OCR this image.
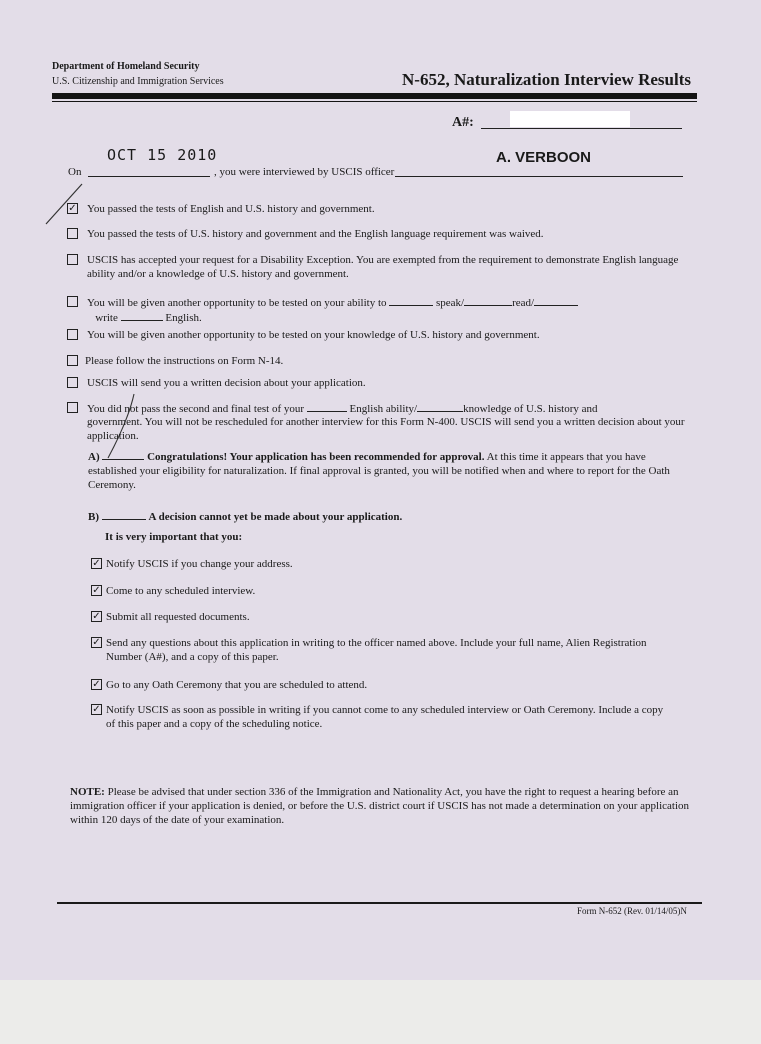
Department of Homeland Security
U.S. Citizenship and Immigration Services	N-652, Naturalization Interview Results
A#:
OCT 15 2010	A. VERBOON
On	, you were interviewed by USCIS officer
✓ You passed the tests of English and U.S. history and government.
You passed the tests of U.S. history and government and the English language requirement was waived.
USCIS has accepted your request for a Disability Exception. You are exempted from the requirement to demonstrate English language ability and/or a knowledge of U.S. history and government.
You will be given another opportunity to be tested on your ability to	speak/	read/
write	English.
You will be given another opportunity to be tested on your knowledge of U.S. history and government.
Please follow the instructions on Form N-14.
USCIS will send you a written decision about your application.
You did not pass the second and final test of your	English ability/	knowledge of U.S. history and
government. You will not be rescheduled for another interview for this Form N-400. USCIS will send you a written decision about your application.
A)	Congratulations! Your application has been recommended for approval. At this time it appears that you have established your eligibility for naturalization. If final approval is granted, you will be notified when and where to report for the Oath Ceremony.
B)	A decision cannot yet be made about your application.
It is very important that you:
✓ Notify USCIS if you change your address.
✓ Come to any scheduled interview.
✓ Submit all requested documents.
✓ Send any questions about this application in writing to the officer named above. Include your full name, Alien Registration Number (A#), and a copy of this paper.
✓ Go to any Oath Ceremony that you are scheduled to attend.
✓ Notify USCIS as soon as possible in writing if you cannot come to any scheduled interview or Oath Ceremony. Include a copy of this paper and a copy of the scheduling notice.
NOTE: Please be advised that under section 336 of the Immigration and Nationality Act, you have the right to request a hearing before an immigration officer if your application is denied, or before the U.S. district court if USCIS has not made a determination on your application within 120 days of the date of your examination.
Form N-652 (Rev. 01/14/05)N
